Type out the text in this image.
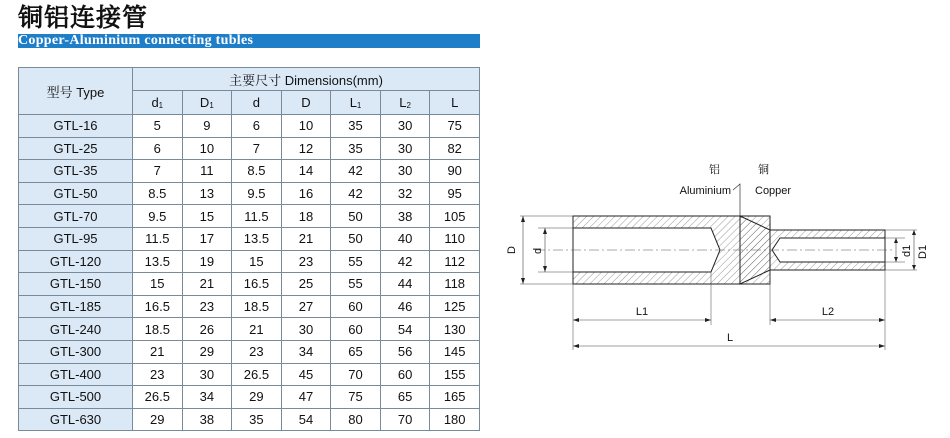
铜铝连接管
Copper-Aluminium connecting tubles
型号 Type	主要尺寸 Dimensions(mm)						
	$d_1$	$D_1$	d	D	$L_1$	$L_2$	L
GTL-16	5	9	6	10	35	30	75
GTL-25	6	10	7	12	35	30	82
GTL-35	7	11	8.5	14	42	30	90
GTL-50	8.5	13	9.5	16	42	32	95
GTL-70	9.5	15	11.5	18	50	38	105
GTL-95	11.5	17	13.5	21	50	40	110
GTL-120	13.5	19	15	23	55	42	112
GTL-150	15	21	16.5	25	55	44	118
GTL-185	16.5	23	18.5	27	60	46	125
GTL-240	18.5	26	21	30	60	54	130
GTL-300	21	29	23	34	65	56	145
GTL-400	23	30	26.5	45	70	60	155
GTL-500	26.5	34	29	47	75	65	165
GTL-630	29	38	35	54	80	70	180
铝	铜
Aluminium Copper
D d	d1 D1
L1	L2
L
